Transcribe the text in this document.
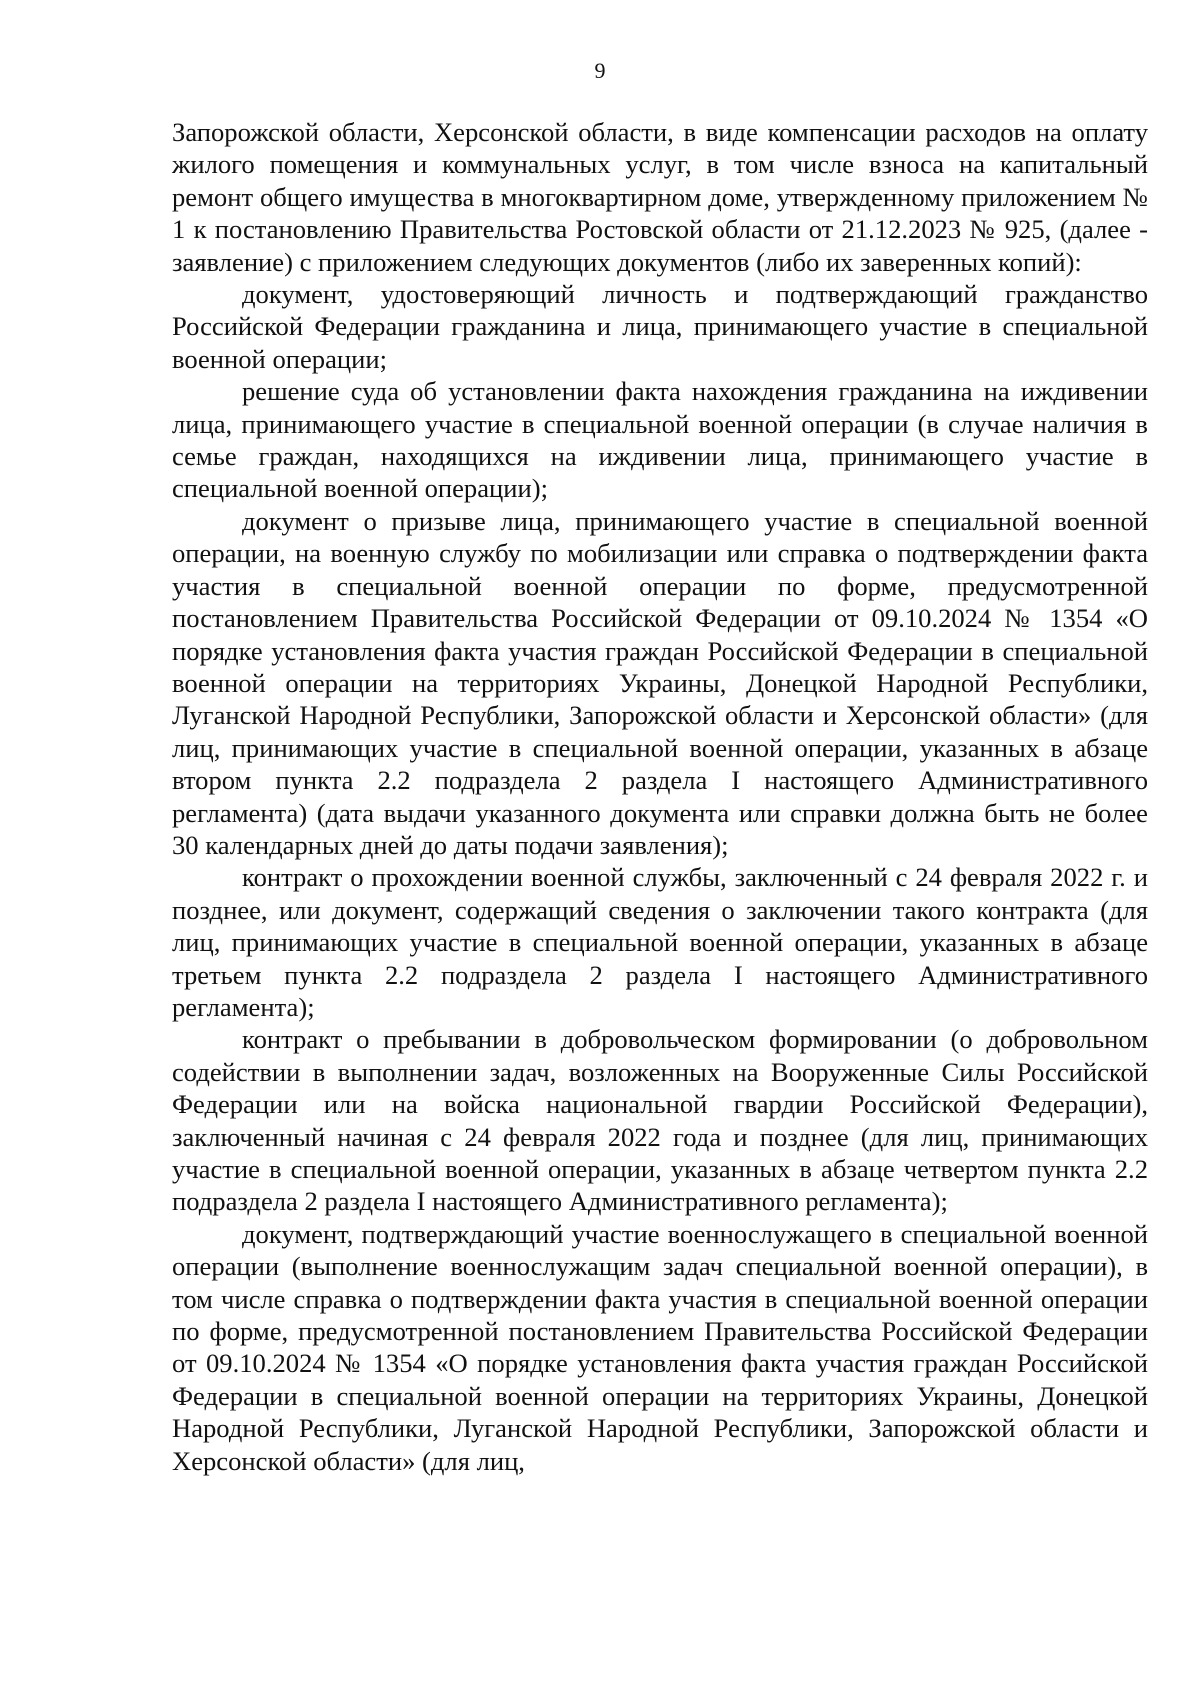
9

Запорожской области, Херсонской области, в виде компенсации расходов на оплату жилого помещения и коммунальных услуг, в том числе взноса на капитальный ремонт общего имущества в многоквартирном доме, утвержденному приложением № 1 к постановлению Правительства Ростовской области от 21.12.2023 № 925, (далее - заявление) с приложением следующих документов (либо их заверенных копий):

документ, удостоверяющий личность и подтверждающий гражданство Российской Федерации гражданина и лица, принимающего участие в специальной военной операции;

решение суда об установлении факта нахождения гражданина на иждивении лица, принимающего участие в специальной военной операции (в случае наличия в семье граждан, находящихся на иждивении лица, принимающего участие в специальной военной операции);

документ о призыве лица, принимающего участие в специальной военной операции, на военную службу по мобилизации или справка о подтверждении факта участия в специальной военной операции по форме, предусмотренной постановлением Правительства Российской Федерации от 09.10.2024 № 1354 «О порядке установления факта участия граждан Российской Федерации в специальной военной операции на территориях Украины, Донецкой Народной Республики, Луганской Народной Республики, Запорожской области и Херсонской области» (для лиц, принимающих участие в специальной военной операции, указанных в абзаце втором пункта 2.2 подраздела 2 раздела I настоящего Административного регламента) (дата выдачи указанного документа или справки должна быть не более 30 календарных дней до даты подачи заявления);

контракт о прохождении военной службы, заключенный с 24 февраля 2022 г. и позднее, или документ, содержащий сведения о заключении такого контракта (для лиц, принимающих участие в специальной военной операции, указанных в абзаце третьем пункта 2.2 подраздела 2 раздела I настоящего Административного регламента);

контракт о пребывании в добровольческом формировании (о добровольном содействии в выполнении задач, возложенных на Вооруженные Силы Российской Федерации или на войска национальной гвардии Российской Федерации), заключенный начиная с 24 февраля 2022 года и позднее (для лиц, принимающих участие в специальной военной операции, указанных в абзаце четвертом пункта 2.2 подраздела 2 раздела I настоящего Административного регламента);

документ, подтверждающий участие военнослужащего в специальной военной операции (выполнение военнослужащим задач специальной военной операции), в том числе справка о подтверждении факта участия в специальной военной операции по форме, предусмотренной постановлением Правительства Российской Федерации от 09.10.2024 № 1354 «О порядке установления факта участия граждан Российской Федерации в специальной военной операции на территориях Украины, Донецкой Народной Республики, Луганской Народной Республики, Запорожской области и Херсонской области» (для лиц,
